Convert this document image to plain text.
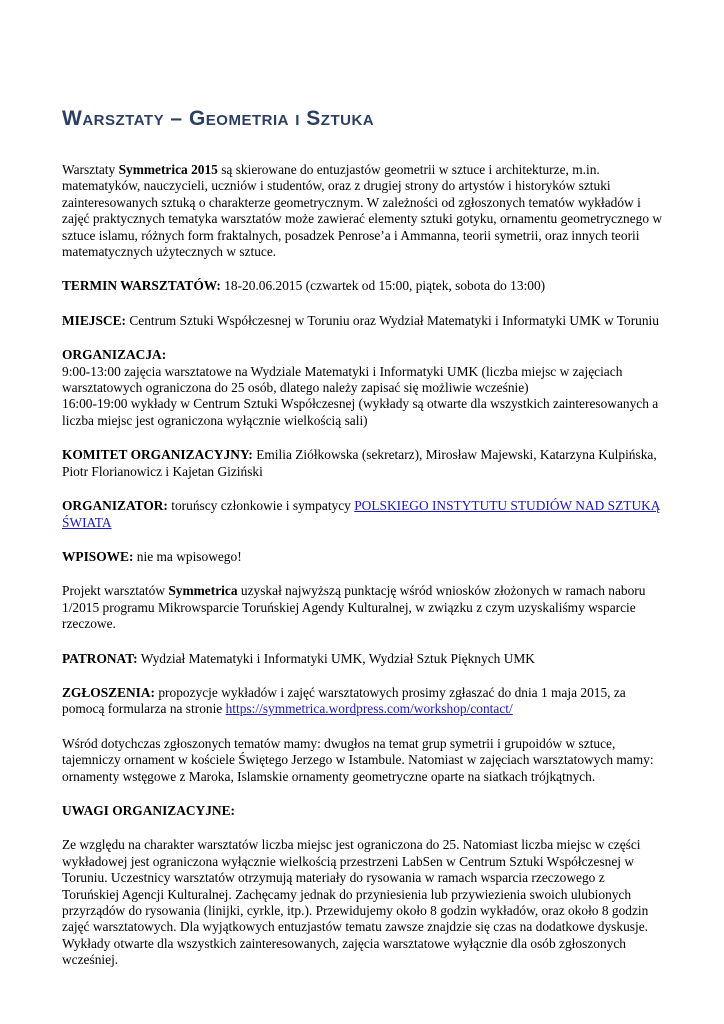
Warsztaty – Geometria i Sztuka

Warsztaty Symmetrica 2015 są skierowane do entuzjastów geometrii w sztuce i architekturze, m.in. matematyków, nauczycieli, uczniów i studentów, oraz z drugiej strony do artystów i historyków sztuki zainteresowanych sztuką o charakterze geometrycznym. W zależności od zgłoszonych tematów wykładów i zajęć praktycznych tematyka warsztatów może zawierać elementy sztuki gotyku, ornamentu geometrycznego w sztuce islamu, różnych form fraktalnych, posadzek Penrose’a i Ammanna, teorii symetrii, oraz innych teorii matematycznych użytecznych w sztuce.

TERMIN WARSZTATÓW: 18-20.06.2015 (czwartek od 15:00, piątek, sobota do 13:00)

MIEJSCE: Centrum Sztuki Współczesnej w Toruniu oraz Wydział Matematyki i Informatyki UMK w Toruniu

ORGANIZACJA:
9:00-13:00 zajęcia warsztatowe na Wydziale Matematyki i Informatyki UMK (liczba miejsc w zajęciach warsztatowych ograniczona do 25 osób, dlatego należy zapisać się możliwie wcześnie)
16:00-19:00 wykłady w Centrum Sztuki Współczesnej (wykłady są otwarte dla wszystkich zainteresowanych a liczba miejsc jest ograniczona wyłącznie wielkością sali)

KOMITET ORGANIZACYJNY: Emilia Ziółkowska (sekretarz), Mirosław Majewski, Katarzyna Kulpińska, Piotr Florianowicz i Kajetan Giziński

ORGANIZATOR: toruńscy członkowie i sympatycy POLSKIEGO INSTYTUTU STUDIÓW NAD SZTUKĄ ŚWIATA

WPISOWE: nie ma wpisowego!

Projekt warsztatów Symmetrica uzyskał najwyższą punktację wśród wniosków złożonych w ramach naboru 1/2015 programu Mikrowsparcie Toruńskiej Agendy Kulturalnej, w związku z czym uzyskaliśmy wsparcie rzeczowe.

PATRONAT: Wydział Matematyki i Informatyki UMK, Wydział Sztuk Pięknych UMK

ZGŁOSZENIA: propozycje wykładów i zajęć warsztatowych prosimy zgłaszać do dnia 1 maja 2015, za pomocą formularza na stronie https://symmetrica.wordpress.com/workshop/contact/

Wśród dotychczas zgłoszonych tematów mamy: dwugłos na temat grup symetrii i grupoidów w sztuce, tajemniczy ornament w kościele Świętego Jerzego w Istambule. Natomiast w zajęciach warsztatowych mamy: ornamenty wstęgowe z Maroka, Islamskie ornamenty geometryczne oparte na siatkach trójkątnych.

UWAGI ORGANIZACYJNE:

Ze względu na charakter warsztatów liczba miejsc jest ograniczona do 25. Natomiast liczba miejsc w części wykładowej jest ograniczona wyłącznie wielkością przestrzeni LabSen w Centrum Sztuki Współczesnej w Toruniu. Uczestnicy warsztatów otrzymują materiały do rysowania w ramach wsparcia rzeczowego z Toruńskiej Agencji Kulturalnej. Zachęcamy jednak do przyniesienia lub przywiezienia swoich ulubionych przyrządów do rysowania (linijki, cyrkle, itp.). Przewidujemy około 8 godzin wykładów, oraz około 8 godzin zajęć warsztatowych. Dla wyjątkowych entuzjastów tematu zawsze znajdzie się czas na dodatkowe dyskusje. Wykłady otwarte dla wszystkich zainteresowanych, zajęcia warsztatowe wyłącznie dla osób zgłoszonych wcześniej.
